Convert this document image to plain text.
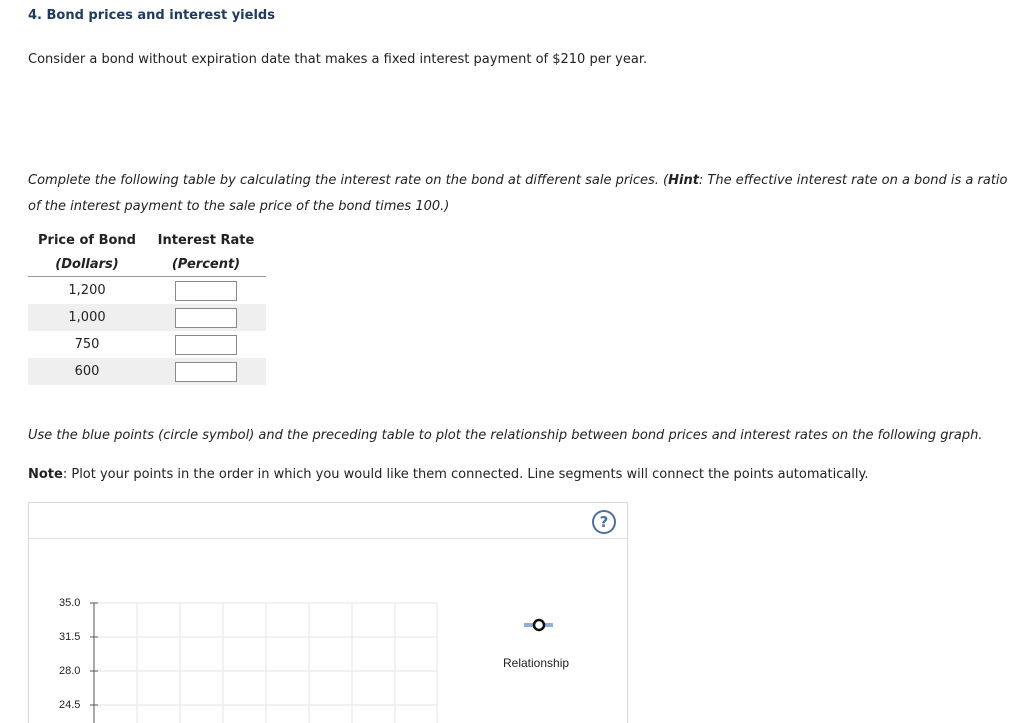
4. Bond prices and interest yields
Consider a bond without expiration date that makes a fixed interest payment of $210 per year.
Complete the following table by calculating the interest rate on the bond at different sale prices. (Hint: The effective interest rate on a bond is a ratio of the interest payment to the sale price of the bond times 100.)
Price of Bond	Interest Rate
(Dollars)	(Percent)
1,200	
1,000	
750	
600	
Use the blue points (circle symbol) and the preceding table to plot the relationship between bond prices and interest rates on the following graph.
Note: Plot your points in the order in which you would like them connected. Line segments will connect the points automatically.
?
35.0
31.5
28.0
24.5
Relationship
